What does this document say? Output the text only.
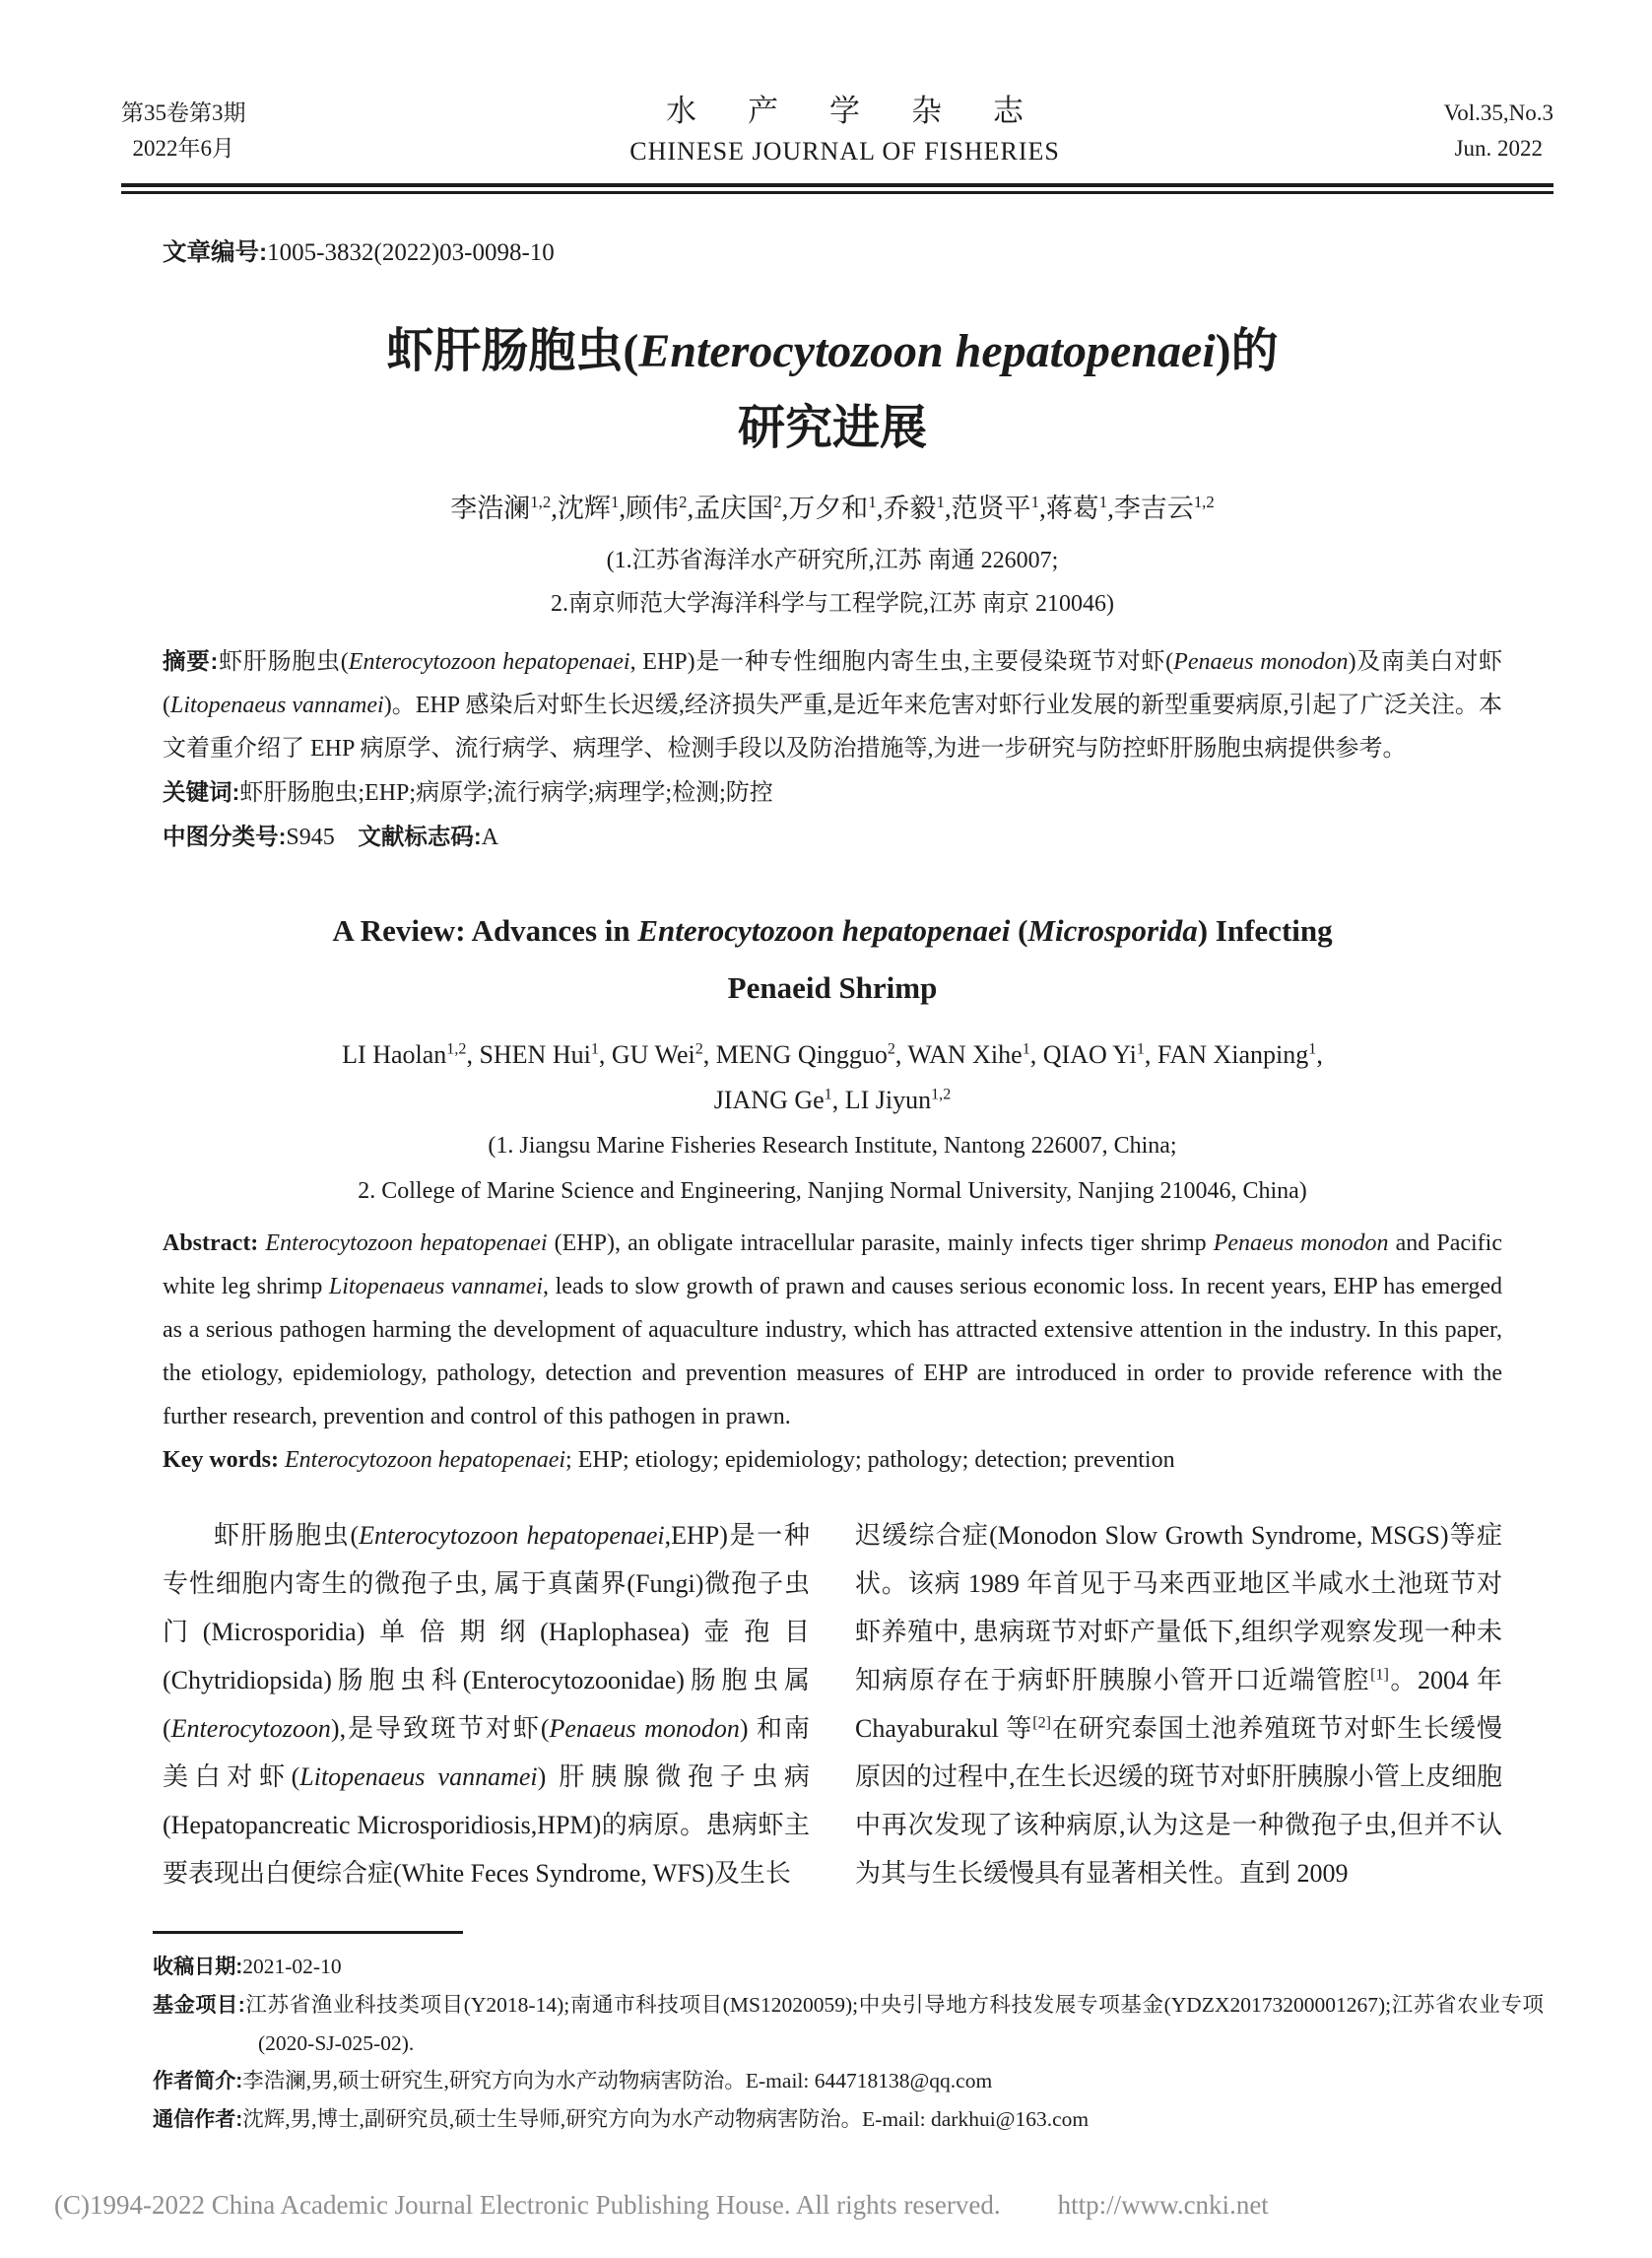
第35卷第3期
2022年6月
水产学杂志
CHINESE JOURNAL OF FISHERIES
Vol.35,No.3
Jun. 2022

文章编号:1005-3832(2022)03-0098-10

虾肝肠胞虫(Enterocytozoon hepatopenaei)的
研究进展

李浩澜$^{1,2}$,沈辉$^1$,顾伟$^2$,孟庆国$^2$,万夕和$^1$,乔毅$^1$,范贤平$^1$,蒋葛$^1$,李吉云$^{1,2}$

(1.江苏省海洋水产研究所,江苏 南通 226007;
2.南京师范大学海洋科学与工程学院,江苏 南京 210046)

摘要:虾肝肠胞虫(Enterocytozoon hepatopenaei, EHP)是一种专性细胞内寄生虫,主要侵染斑节对虾(Penaeus monodon)及南美白对虾(Litopenaeus vannamei)。EHP 感染后对虾生长迟缓,经济损失严重,是近年来危害对虾行业发展的新型重要病原,引起了广泛关注。本文着重介绍了 EHP 病原学、流行病学、病理学、检测手段以及防治措施等,为进一步研究与防控虾肝肠胞虫病提供参考。

关键词:虾肝肠胞虫;EHP;病原学;流行病学;病理学;检测;防控

中图分类号:S945　 文献标志码:A

A Review: Advances in Enterocytozoon hepatopenaei (Microsporida) Infecting
Penaeid Shrimp
LI Haolan$^{1,2}$, SHEN Hui$^1$, GU Wei$^2$, MENG Qingguo$^2$, WAN Xihe$^1$, QIAO Yi$^1$, FAN Xianping$^1$,
JIANG Ge$^1$, LI Jiyun$^{1,2}$
(1. Jiangsu Marine Fisheries Research Institute, Nantong 226007, China;
2. College of Marine Science and Engineering, Nanjing Normal University, Nanjing 210046, China)

Abstract: Enterocytozoon hepatopenaei (EHP), an obligate intracellular parasite, mainly infects tiger shrimp Penaeus monodon and Pacific white leg shrimp Litopenaeus vannamei, leads to slow growth of prawn and causes serious economic loss. In recent years, EHP has emerged as a serious pathogen harming the development of aquaculture industry, which has attracted extensive attention in the industry. In this paper, the etiology, epidemiology, pathology, detection and prevention measures of EHP are introduced in order to provide reference with the further research, prevention and control of this pathogen in prawn.

Key words: Enterocytozoon hepatopenaei; EHP; etiology; epidemiology; pathology; detection; prevention

虾肝肠胞虫(Enterocytozoon hepatopenaei,EHP)是一种专性细胞内寄生的微孢子虫, 属于真菌界(Fungi)微孢子虫门(Microsporidia)单倍期纲(Haplophasea)壶孢目(Chytridiopsida)肠胞虫科(Enterocytozoonidae)肠胞虫属(Enterocytozoon),是导致斑节对虾(Penaeus monodon) 和南美白对虾(Litopenaeus vannamei) 肝胰腺微孢子虫病(Hepatopancreatic Microsporidiosis,HPM)的病原。患病虾主要表现出白便综合症(White Feces Syndrome, WFS)及生长

迟缓综合症(Monodon Slow Growth Syndrome, MSGS)等症状。该病 1989 年首见于马来西亚地区半咸水土池斑节对虾养殖中, 患病斑节对虾产量低下,组织学观察发现一种未知病原存在于病虾肝胰腺小管开口近端管腔[1]。2004 年 Chayaburakul 等[2]在研究泰国土池养殖斑节对虾生长缓慢原因的过程中,在生长迟缓的斑节对虾肝胰腺小管上皮细胞中再次发现了该种病原,认为这是一种微孢子虫,但并不认为其与生长缓慢具有显著相关性。直到 2009

收稿日期:2021-02-10

基金项目:江苏省渔业科技类项目(Y2018-14);南通市科技项目(MS12020059);中央引导地方科技发展专项基金(YDZX20173200001267);江苏省农业专项(2020-SJ-025-02).

作者简介:李浩澜,男,硕士研究生,研究方向为水产动物病害防治。E-mail: 644718138@qq.com

通信作者:沈辉,男,博士,副研究员,硕士生导师,研究方向为水产动物病害防治。E-mail: darkhui@163.com

(C)1994-2022 China Academic Journal Electronic Publishing House. All rights reserved. http://www.cnki.net
